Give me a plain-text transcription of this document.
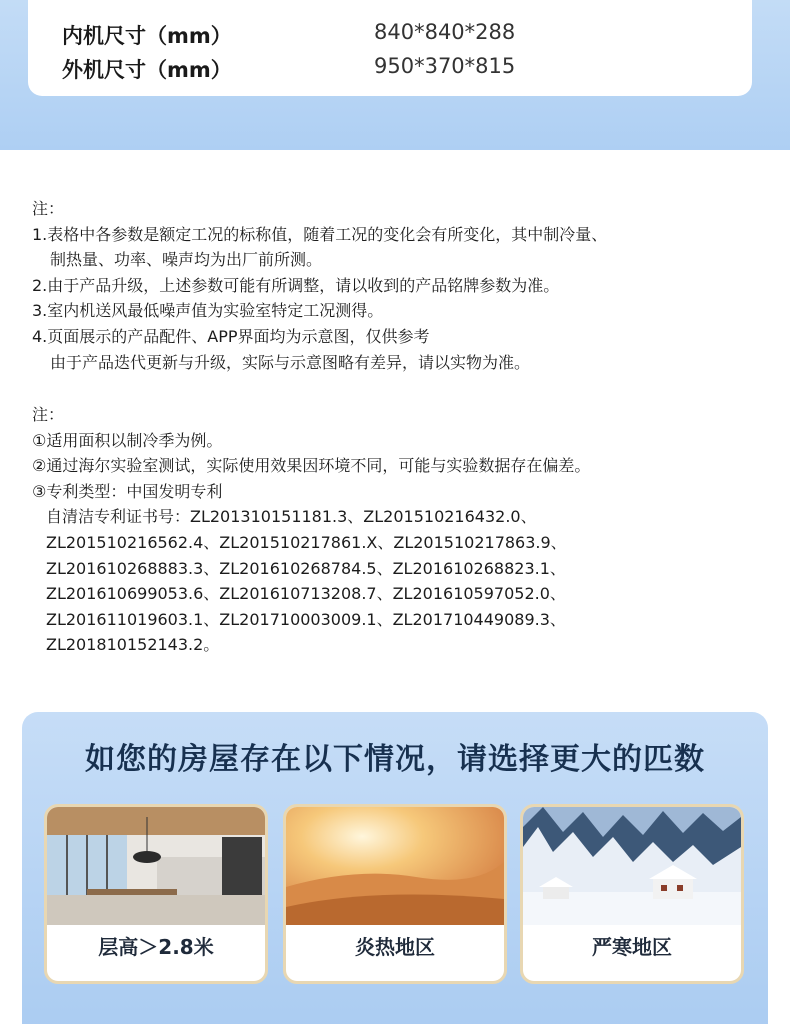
内机尺寸（mm）	840*840*288
外机尺寸（mm）	950*370*815

注：

1.表格中各参数是额定工况的标称值，随着工况的变化会有所变化，其中制冷量、

制热量、功率、噪声均为出厂前所测。

2.由于产品升级，上述参数可能有所调整，请以收到的产品铭牌参数为准。

3.室内机送风最低噪声值为实验室特定工况测得。

4.页面展示的产品配件、APP界面均为示意图，仅供参考

由于产品迭代更新与升级，实际与示意图略有差异，请以实物为准。

注：

①适用面积以制冷季为例。

②通过海尔实验室测试，实际使用效果因环境不同，可能与实验数据存在偏差。

③专利类型：中国发明专利

自清洁专利证书号：ZL201310151181.3、ZL201510216432.0、

ZL201510216562.4、ZL201510217861.X、ZL201510217863.9、

ZL201610268883.3、ZL201610268784.5、ZL201610268823.1、

ZL201610699053.6、ZL201610713208.7、ZL201610597052.0、

ZL201611019603.1、ZL201710003009.1、ZL201710449089.3、

ZL201810152143.2。

如您的房屋存在以下情况，请选择更大的匹数
层高＞2.8米	炎热地区	严寒地区
